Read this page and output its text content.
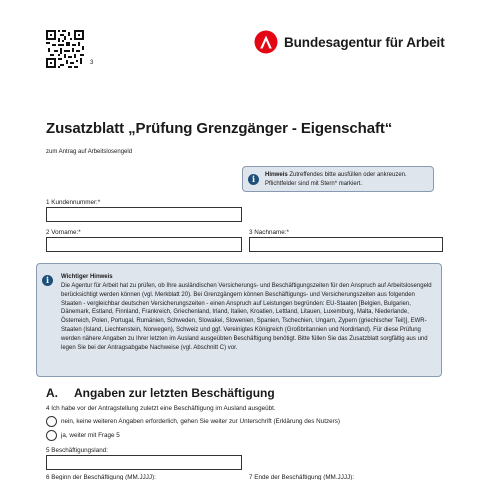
3
Bundesagentur für Arbeit
Zusatzblatt „Prüfung Grenzgänger - Eigenschaft“
zum Antrag auf Arbeitslosengeld
i	Hinweis Zutreffendes bitte ausfüllen oder ankreuzen. Pflichtfelder sind mit Stern* markiert.
1 Kundennummer:*
2 Vorname:*	3 Nachname:*
i	Wichtiger Hinweis
Die Agentur für Arbeit hat zu prüfen, ob Ihre ausländischen Versicherungs- und Beschäftigungszeiten für den Anspruch auf Arbeitslosengeld berücksichtigt werden können (vgl. Merkblatt 20). Bei Grenzgängern können Beschäftigungs- und Versicherungszeiten aus folgenden Staaten - vergleichbar deutschen Versicherungszeiten - einen Anspruch auf Leistungen begründen: EU-Staaten [Belgien, Bulgarien, Dänemark, Estland, Finnland, Frankreich, Griechenland, Irland, Italien, Kroatien, Lettland, Litauen, Luxemburg, Malta, Niederlande, Österreich, Polen, Portugal, Rumänien, Schweden, Slowakei, Slowenien, Spanien, Tschechien, Ungarn, Zypern (griechischer Teil)], EWR-Staaten (Island, Liechtenstein, Norwegen), Schweiz und ggf. Vereinigtes Königreich (Großbritannien und Nordirland). Für diese Prüfung werden nähere Angaben zu Ihrer letzten im Ausland ausgeübten Beschäftigung benötigt. Bitte füllen Sie das Zusatzblatt sorgfältig aus und legen Sie bei der Antragsabgabe Nachweise (vgl. Abschnitt C) vor.
A. Angaben zur letzten Beschäftigung
4 Ich habe vor der Antragstellung zuletzt eine Beschäftigung im Ausland ausgeübt.
nein, keine weiteren Angaben erforderlich, gehen Sie weiter zur Unterschrift (Erklärung des Nutzers)
ja, weiter mit Frage 5
5 Beschäftigungsland:
6 Beginn der Beschäftigung (MM.JJJJ):	7 Ende der Beschäftigung (MM.JJJJ):
